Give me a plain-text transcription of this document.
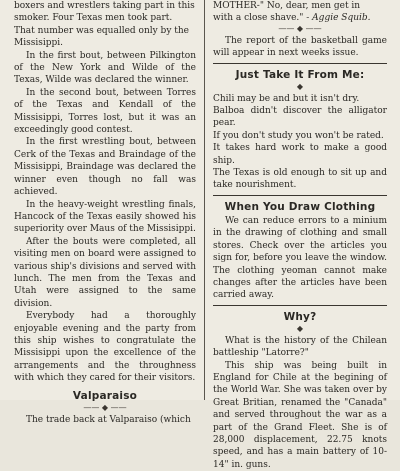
boxers and wrestlers taking part in this

smoker. Four Texas men took part.

That number was equalled only by the

Missisippi.

In the first bout, between Pilkington of the New York and Wilde of the Texas, Wilde was declared the winner.

In the second bout, between Torres of the Texas and Kendall of the Missisippi, Torres lost, but it was an exceedingly good contest.

In the first wrestling bout, between Cerk of the Texas and Braindage of the Missisippi, Braindage was declared the winner even though no fall was achieved.

In the heavy-weight wrestling finals, Hancock of the Texas easily showed his superiority over Maus of the Missisippi.

After the bouts were completed, all visiting men on board were assigned to various ship's divisions and served with lunch. The men from the Texas and Utah were assigned to the same division.

Everybody had a thoroughly enjoyable evening and the party from this ship wishes to congratulate the Missisippi upon the excellence of the arrangements and the throughness with which they cared for their visitors.

Valparaiso
—— ◆ ——

The trade back at Valparaiso (which

MOTHER-" No, dear, men get in

with a close shave." - Aggie Squib.

—— ◆ ——

The report of the basketball game will appear in next weeks issue.

Just Take It From Me:
◆

Chili may be and but it isn't dry.

Balboa didn't discover the alligator pear.

If you don't study you won't be rated.

It takes hard work to make a good ship.

The Texas is old enough to sit up and take nourishment.

When You Draw Clothing

We can reduce errors to a minium in the drawing of clothing and small stores. Check over the articles you sign for, before you leave the window. The clothing yeoman cannot make changes after the articles have been carried away.

Why?
◆

What is the history of the Chilean battleship "Latorre?"

This ship was being built in England for Chile at the begining of the World War. She was taken over by Great Britian, renamed the "Canada" and served throughout the war as a part of the Grand Fleet. She is of 28,000 displacement, 22.75 knots speed, and has a main battery of 10-14" in. guns.
